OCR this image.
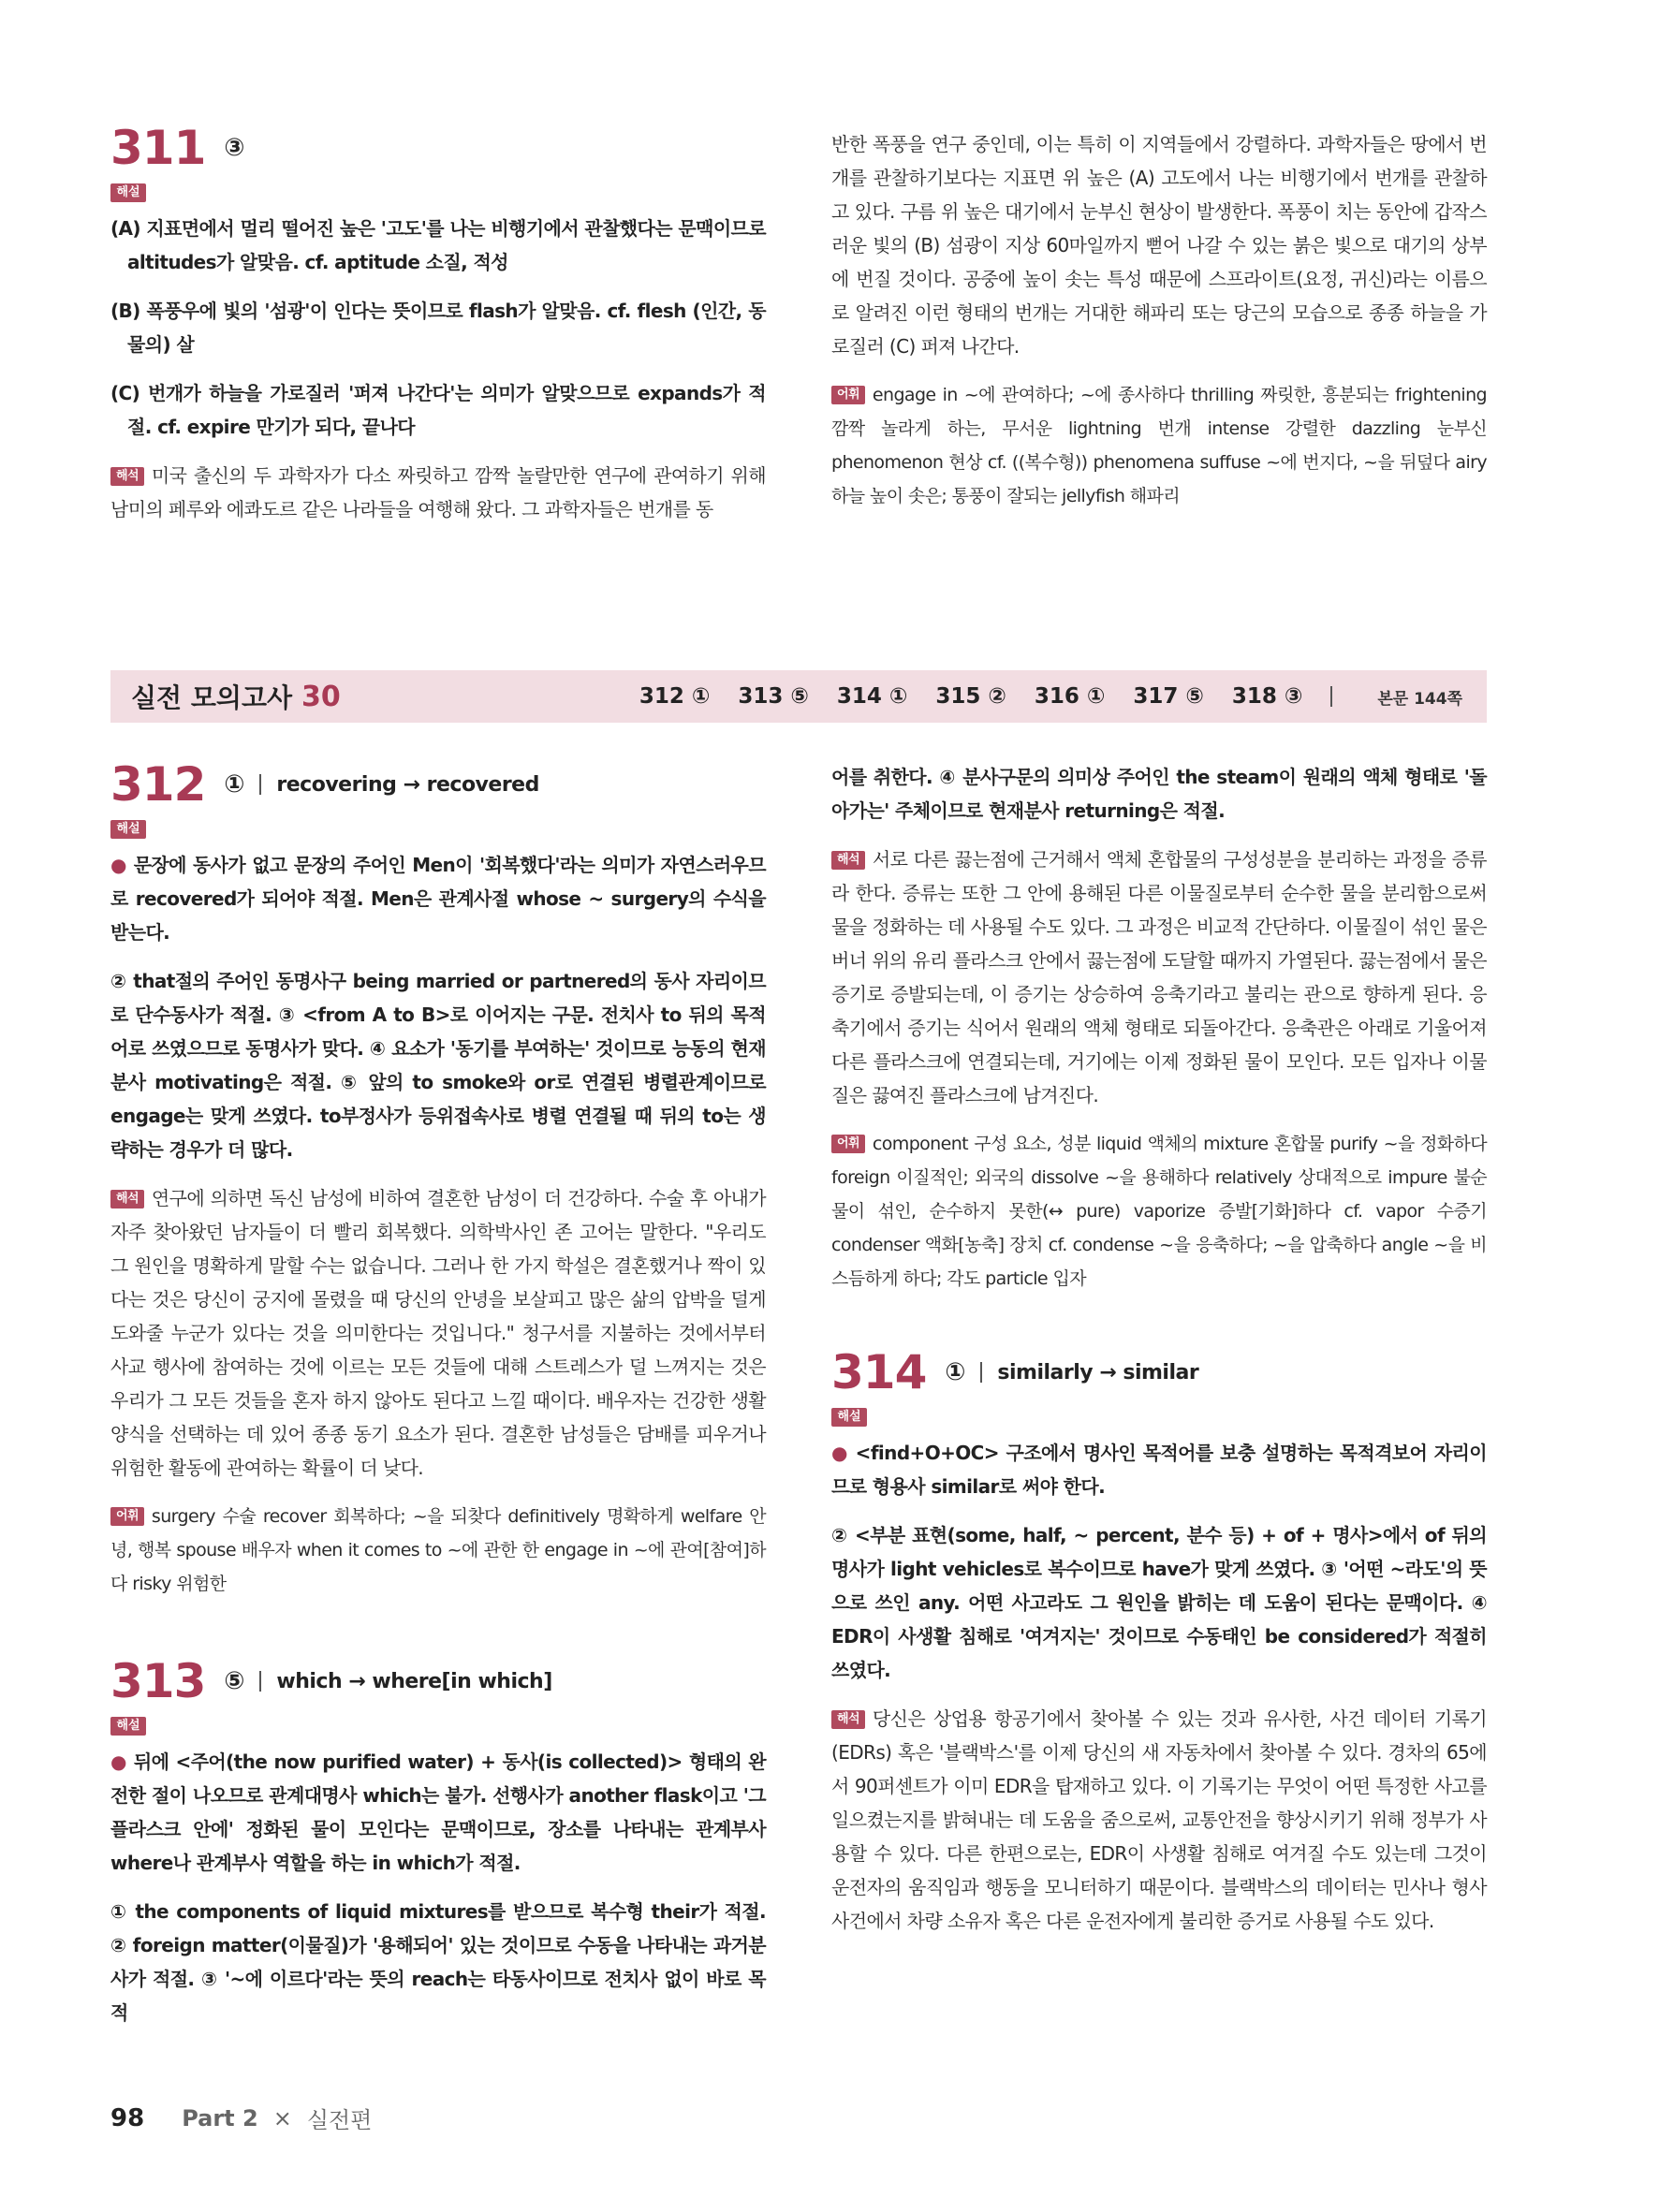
311 ③
해설

(A) 지표면에서 멀리 떨어진 높은 '고도'를 나는 비행기에서 관찰했다는 문맥이므로 altitudes가 알맞음. cf. aptitude 소질, 적성

(B) 폭풍우에 빛의 '섬광'이 인다는 뜻이므로 flash가 알맞음. cf. flesh (인간, 동물의) 살

(C) 번개가 하늘을 가로질러 '퍼져 나간다'는 의미가 알맞으므로 expands가 적절. cf. expire 만기가 되다, 끝나다

해석 미국 출신의 두 과학자가 다소 짜릿하고 깜짝 놀랄만한 연구에 관여하기 위해 남미의 페루와 에콰도르 같은 나라들을 여행해 왔다. 그 과학자들은 번개를 동

반한 폭풍을 연구 중인데, 이는 특히 이 지역들에서 강렬하다. 과학자들은 땅에서 번개를 관찰하기보다는 지표면 위 높은 (A) 고도에서 나는 비행기에서 번개를 관찰하고 있다. 구름 위 높은 대기에서 눈부신 현상이 발생한다. 폭풍이 치는 동안에 갑작스러운 빛의 (B) 섬광이 지상 60마일까지 뻗어 나갈 수 있는 붉은 빛으로 대기의 상부에 번질 것이다. 공중에 높이 솟는 특성 때문에 스프라이트(요정, 귀신)라는 이름으로 알려진 이런 형태의 번개는 거대한 해파리 또는 당근의 모습으로 종종 하늘을 가로질러 (C) 퍼져 나간다.

어휘 engage in ~에 관여하다; ~에 종사하다 thrilling 짜릿한, 흥분되는 frightening 깜짝 놀라게 하는, 무서운 lightning 번개 intense 강렬한 dazzling 눈부신 phenomenon 현상 cf. ((복수형)) phenomena suffuse ~에 번지다, ~을 뒤덮다 airy 하늘 높이 솟은; 통풍이 잘되는 jellyfish 해파리

실전 모의고사 30	312 ① 313 ⑤ 314 ① 315 ② 316 ① 317 ⑤ 318 ③	본문 144쪽
312 ① recovering → recovered
해설

● 문장에 동사가 없고 문장의 주어인 Men이 '회복했다'라는 의미가 자연스러우므로 recovered가 되어야 적절. Men은 관계사절 whose ~ surgery의 수식을 받는다.

② that절의 주어인 동명사구 being married or partnered의 동사 자리이므로 단수동사가 적절. ③ <from A to B>로 이어지는 구문. 전치사 to 뒤의 목적어로 쓰였으므로 동명사가 맞다. ④ 요소가 '동기를 부여하는' 것이므로 능동의 현재분사 motivating은 적절. ⑤ 앞의 to smoke와 or로 연결된 병렬관계이므로 engage는 맞게 쓰였다. to부정사가 등위접속사로 병렬 연결될 때 뒤의 to는 생략하는 경우가 더 많다.

해석 연구에 의하면 독신 남성에 비하여 결혼한 남성이 더 건강하다. 수술 후 아내가 자주 찾아왔던 남자들이 더 빨리 회복했다. 의학박사인 존 고어는 말한다. "우리도 그 원인을 명확하게 말할 수는 없습니다. 그러나 한 가지 학설은 결혼했거나 짝이 있다는 것은 당신이 궁지에 몰렸을 때 당신의 안녕을 보살피고 많은 삶의 압박을 덜게 도와줄 누군가 있다는 것을 의미한다는 것입니다." 청구서를 지불하는 것에서부터 사교 행사에 참여하는 것에 이르는 모든 것들에 대해 스트레스가 덜 느껴지는 것은 우리가 그 모든 것들을 혼자 하지 않아도 된다고 느낄 때이다. 배우자는 건강한 생활양식을 선택하는 데 있어 종종 동기 요소가 된다. 결혼한 남성들은 담배를 피우거나 위험한 활동에 관여하는 확률이 더 낮다.

어휘 surgery 수술 recover 회복하다; ~을 되찾다 definitively 명확하게 welfare 안녕, 행복 spouse 배우자 when it comes to ~에 관한 한 engage in ~에 관여[참여]하다 risky 위험한

313 ⑤ which → where[in which]
해설

● 뒤에 <주어(the now purified water) + 동사(is collected)> 형태의 완전한 절이 나오므로 관계대명사 which는 불가. 선행사가 another flask이고 '그 플라스크 안에' 정화된 물이 모인다는 문맥이므로, 장소를 나타내는 관계부사 where나 관계부사 역할을 하는 in which가 적절.

① the components of liquid mixtures를 받으므로 복수형 their가 적절. ② foreign matter(이물질)가 '용해되어' 있는 것이므로 수동을 나타내는 과거분사가 적절. ③ '~에 이르다'라는 뜻의 reach는 타동사이므로 전치사 없이 바로 목적

어를 취한다. ④ 분사구문의 의미상 주어인 the steam이 원래의 액체 형태로 '돌아가는' 주체이므로 현재분사 returning은 적절.

해석 서로 다른 끓는점에 근거해서 액체 혼합물의 구성성분을 분리하는 과정을 증류라 한다. 증류는 또한 그 안에 용해된 다른 이물질로부터 순수한 물을 분리함으로써 물을 정화하는 데 사용될 수도 있다. 그 과정은 비교적 간단하다. 이물질이 섞인 물은 버너 위의 유리 플라스크 안에서 끓는점에 도달할 때까지 가열된다. 끓는점에서 물은 증기로 증발되는데, 이 증기는 상승하여 응축기라고 불리는 관으로 향하게 된다. 응축기에서 증기는 식어서 원래의 액체 형태로 되돌아간다. 응축관은 아래로 기울어져 다른 플라스크에 연결되는데, 거기에는 이제 정화된 물이 모인다. 모든 입자나 이물질은 끓여진 플라스크에 남겨진다.

어휘 component 구성 요소, 성분 liquid 액체의 mixture 혼합물 purify ~을 정화하다 foreign 이질적인; 외국의 dissolve ~을 용해하다 relatively 상대적으로 impure 불순물이 섞인, 순수하지 못한(↔ pure) vaporize 증발[기화]하다 cf. vapor 수증기 condenser 액화[농축] 장치 cf. condense ~을 응축하다; ~을 압축하다 angle ~을 비스듬하게 하다; 각도 particle 입자

314 ① similarly → similar
해설

● <find+O+OC> 구조에서 명사인 목적어를 보충 설명하는 목적격보어 자리이므로 형용사 similar로 써야 한다.

② <부분 표현(some, half, ~ percent, 분수 등) + of + 명사>에서 of 뒤의 명사가 light vehicles로 복수이므로 have가 맞게 쓰였다. ③ '어떤 ~라도'의 뜻으로 쓰인 any. 어떤 사고라도 그 원인을 밝히는 데 도움이 된다는 문맥이다. ④ EDR이 사생활 침해로 '여겨지는' 것이므로 수동태인 be considered가 적절히 쓰였다.

해석 당신은 상업용 항공기에서 찾아볼 수 있는 것과 유사한, 사건 데이터 기록기(EDRs) 혹은 '블랙박스'를 이제 당신의 새 자동차에서 찾아볼 수 있다. 경차의 65에서 90퍼센트가 이미 EDR을 탑재하고 있다. 이 기록기는 무엇이 어떤 특정한 사고를 일으켰는지를 밝혀내는 데 도움을 줌으로써, 교통안전을 향상시키기 위해 정부가 사용할 수 있다. 다른 한편으로는, EDR이 사생활 침해로 여겨질 수도 있는데 그것이 운전자의 움직임과 행동을 모니터하기 때문이다. 블랙박스의 데이터는 민사나 형사 사건에서 차량 소유자 혹은 다른 운전자에게 불리한 증거로 사용될 수도 있다.

98 Part 2 × 실전편
